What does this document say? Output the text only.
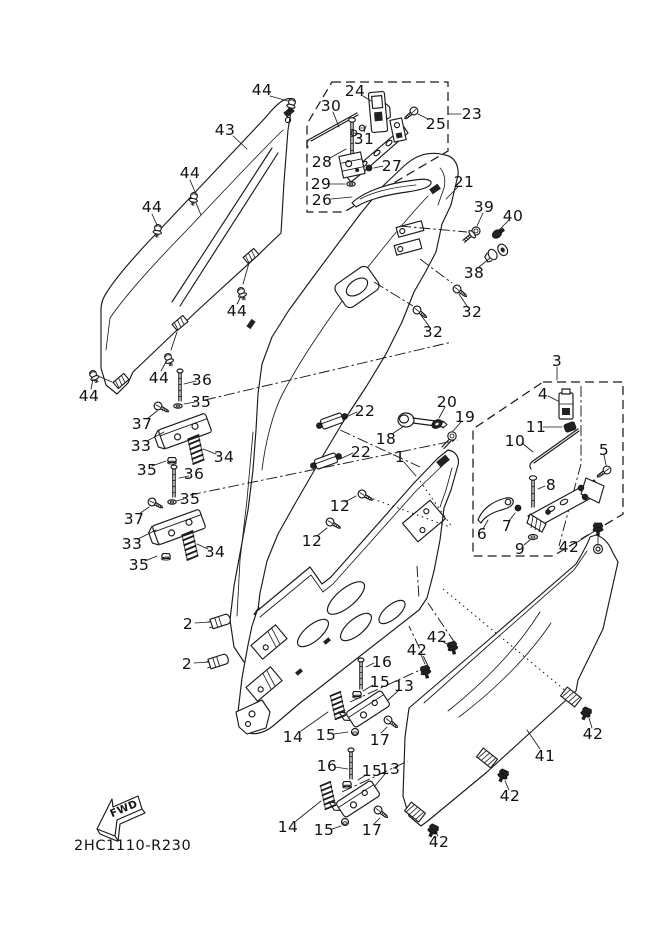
44
43
24
30
25
23
31
28	27
29
26
21
44
44	39 40
38
32
32
44
3
44 36
44	35	20	4
22	19
37	11
18	10
33	5
22
34	1
35 36
8
35	12
37	7
6
12
33	42
9
34
35
2
42
42
2	16
15 13
14 15	42
17
41
16 15
13
42
14 15 17
42
FWD
2HC1110-R230
